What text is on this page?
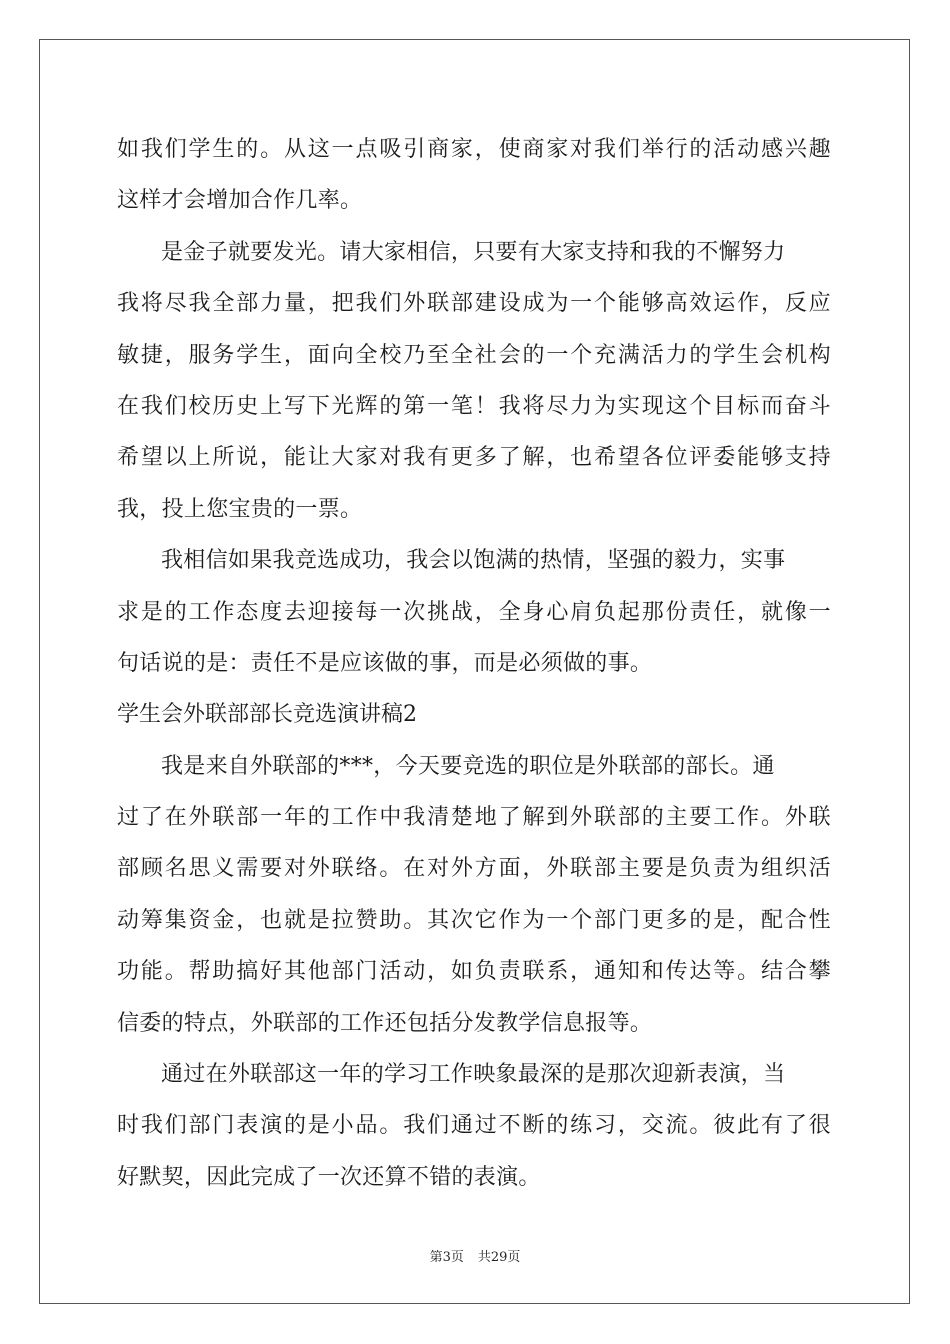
如我们学生的。从这一点吸引商家，使商家对我们举行的活动感兴趣
这样才会增加合作几率。
是金子就要发光。请大家相信，只要有大家支持和我的不懈努力
我将尽我全部力量，把我们外联部建设成为一个能够高效运作，反应
敏捷，服务学生，面向全校乃至全社会的一个充满活力的学生会机构
在我们校历史上写下光辉的第一笔！我将尽力为实现这个目标而奋斗
希望以上所说，能让大家对我有更多了解，也希望各位评委能够支持
我，投上您宝贵的一票。
我相信如果我竞选成功，我会以饱满的热情，坚强的毅力，实事
求是的工作态度去迎接每一次挑战，全身心肩负起那份责任，就像一
句话说的是：责任不是应该做的事，而是必须做的事。
学生会外联部部长竞选演讲稿2
我是来自外联部的***，今天要竞选的职位是外联部的部长。通
过了在外联部一年的工作中我清楚地了解到外联部的主要工作。外联
部顾名思义需要对外联络。在对外方面，外联部主要是负责为组织活
动筹集资金，也就是拉赞助。其次它作为一个部门更多的是，配合性
功能。帮助搞好其他部门活动，如负责联系，通知和传达等。结合攀
信委的特点，外联部的工作还包括分发教学信息报等。
通过在外联部这一年的学习工作映象最深的是那次迎新表演，当
时我们部门表演的是小品。我们通过不断的练习，交流。彼此有了很
好默契，因此完成了一次还算不错的表演。
第3页 共29页
